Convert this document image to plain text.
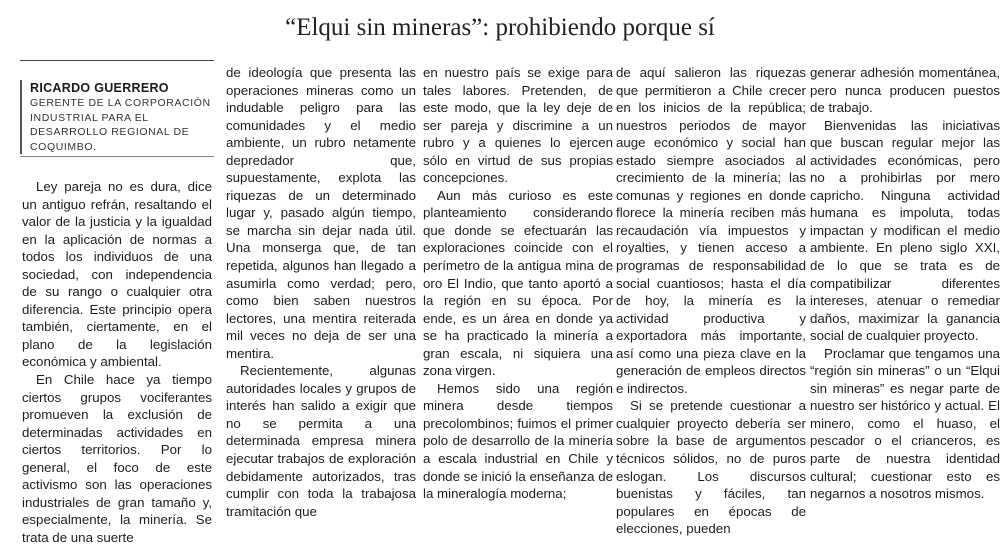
“Elqui sin mineras”: prohibiendo porque sí

RICARDO GUERRERO

GERENTE DE LA CORPORACIÓN INDUSTRIAL PARA EL DESARROLLO REGIONAL DE COQUIMBO.

Ley pareja no es dura, dice un antiguo refrán, resaltando el valor de la justicia y la igualdad en la aplicación de normas a todos los individuos de una sociedad, con independencia de su rango o cualquier otra diferencia. Este principio opera también, ciertamente, en el plano de la legislación económica y ambiental.

En Chile hace ya tiempo ciertos grupos vociferantes promueven la exclusión de determinadas actividades en ciertos territorios. Por lo general, el foco de este activismo son las operaciones industriales de gran tamaño y, especialmente, la minería. Se trata de una suerte

de ideología que presenta las operaciones mineras como un indudable peligro para las comunidades y el medio ambiente, un rubro netamente depredador que, supuestamente, explota las riquezas de un determinado lugar y, pasado algún tiempo, se marcha sin dejar nada útil. Una monserga que, de tan repetida, algunos han llegado a asumirla como verdad; pero, como bien saben nuestros lectores, una mentira reiterada mil veces no deja de ser una mentira.

Recientemente, algunas autoridades locales y grupos de interés han salido a exigir que no se permita a una determinada empresa minera ejecutar trabajos de exploración debidamente autorizados, tras cumplir con toda la trabajosa tramitación que

en nuestro país se exige para tales labores. Pretenden, de este modo, que la ley deje de ser pareja y discrimine a un rubro y a quienes lo ejercen sólo en virtud de sus propias concepciones.

Aun más curioso es este planteamiento considerando que donde se efectuarán las exploraciones coincide con el perímetro de la antigua mina de oro El Indio, que tanto aportó a la región en su época. Por ende, es un área en donde ya se ha practicado la minería a gran escala, ni siquiera una zona virgen.

Hemos sido una región minera desde tiempos precolombinos; fuimos el primer polo de desarrollo de la minería a escala industrial en Chile y donde se inició la enseñanza de la mineralogía moderna;

de aquí salieron las riquezas que permitieron a Chile crecer en los inicios de la república; nuestros periodos de mayor auge económico y social han estado siempre asociados al crecimiento de la minería; las comunas y regiones en donde florece la minería reciben más recaudación vía impuestos y royalties, y tienen acceso a programas de responsabilidad social cuantiosos; hasta el día de hoy, la minería es la actividad productiva y exportadora más importante, así como una pieza clave en la generación de empleos directos e indirectos.

Si se pretende cuestionar a cualquier proyecto debería ser sobre la base de argumentos técnicos sólidos, no de puros eslogan. Los discursos buenistas y fáciles, tan populares en épocas de elecciones, pueden

generar adhesión momentánea, pero nunca producen puestos de trabajo.

Bienvenidas las iniciativas que buscan regular mejor las actividades económicas, pero no a prohibirlas por mero capricho. Ninguna actividad humana es impoluta, todas impactan y modifican el medio ambiente. En pleno siglo XXI, de lo que se trata es de compatibilizar diferentes intereses, atenuar o remediar daños, maximizar la ganancia social de cualquier proyecto.

Proclamar que tengamos una “región sin mineras” o un “Elqui sin mineras” es negar parte de nuestro ser histórico y actual. El minero, como el huaso, el pescador o el crianceros, es parte de nuestra identidad cultural; cuestionar esto es negarnos a nosotros mismos.
